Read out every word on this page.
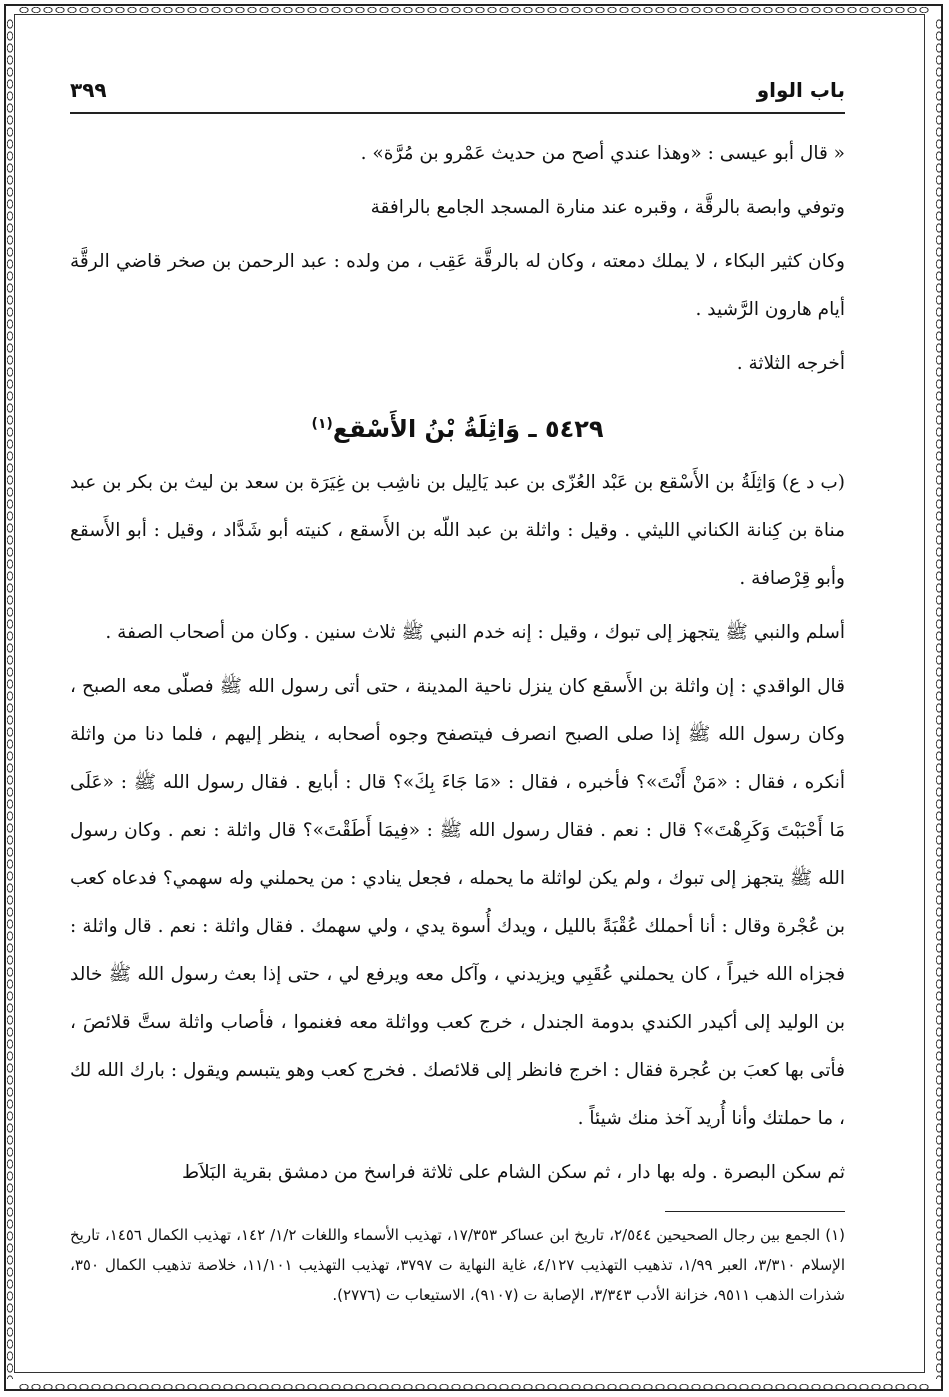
باب الواو
٣٩٩

« قال أبو عيسى : «وهذا عندي أصح من حديث عَمْرو بن مُرَّة» .

وتوفي وابصة بالرقَّة ، وقبره عند منارة المسجد الجامع بالرافقة

وكان كثير البكاء ، لا يملك دمعته ، وكان له بالرقَّة عَقِب ، من ولده : عبد الرحمن بن صخر قاضي الرقَّة أيام هارون الرَّشيد .

أخرجه الثلاثة .

٥٤٢٩ ـ وَاثِلَةُ بْنُ الأَسْقع$^{(١)}$

(ب د ع) وَاثِلَةُ بن الأَسْقع بن عَبْد العُزّى بن عبد يَالِيل بن ناشِب بن غِيَرَة بن سعد بن ليث بن بكر بن عبد مناة بن كِنانة الكناني الليثي . وقيل : واثلة بن عبد اللّه بن الأَسقع ، كنيته أبو شَدَّاد ، وقيل : أبو الأَسقع وأبو قِرْصافة .

أسلم والنبي ﷺ يتجهز إلى تبوك ، وقيل : إنه خدم النبي ﷺ ثلاث سنين . وكان من أصحاب الصفة .

قال الواقدي : إن واثلة بن الأَسقع كان ينزل ناحية المدينة ، حتى أتى رسول الله ﷺ فصلّى معه الصبح ، وكان رسول الله ﷺ إذا صلى الصبح انصرف فيتصفح وجوه أصحابه ، ينظر إليهم ، فلما دنا من واثلة أنكره ، فقال : «مَنْ أَنْتَ»؟ فأخبره ، فقال : «مَا جَاءَ بِكَ»؟ قال : أبايع . فقال رسول الله ﷺ : «عَلَى مَا أَحْبَبْتَ وَكَرِهْتَ»؟ قال : نعم . فقال رسول الله ﷺ : «فِيمَا أَطَقْتَ»؟ قال واثلة : نعم . وكان رسول الله ﷺ يتجهز إلى تبوك ، ولم يكن لواثلة ما يحمله ، فجعل ينادي : من يحملني وله سهمي؟ فدعاه كعب بن عُجْرة وقال : أنا أحملك عُقْبَةً بالليل ، ويدك أُسوة يدي ، ولي سهمك . فقال واثلة : نعم . قال واثلة : فجزاه الله خيراً ، كان يحملني عُقَبِي ويزيدني ، وآكل معه ويرفع لي ، حتى إذا بعث رسول الله ﷺ خالد بن الوليد إلى أكيدر الكندي بدومة الجندل ، خرج كعب وواثلة معه فغنموا ، فأصاب واثلة ستَّ قلائصَ ، فأتى بها كعبَ بن عُجرة فقال : اخرج فانظر إلى قلائصك . فخرج كعب وهو يتبسم ويقول : بارك الله لك ، ما حملتك وأنا أُريد آخذ منك شيئاً .

ثم سكن البصرة . وله بها دار ، ثم سكن الشام على ثلاثة فراسخ من دمشق بقرية البَلاَط

(١) الجمع بين رجال الصحيحين ٢/٥٤٤، تاريخ ابن عساكر ١٧/٣٥٣، تهذيب الأسماء واللغات ١/٢/ ١٤٢، تهذيب الكمال ١٤٥٦، تاريخ الإسلام ٣/٣١٠، العبر ١/٩٩، تذهيب التهذيب ٤/١٢٧، غاية النهاية ت ٣٧٩٧، تهذيب التهذيب ١١/١٠١، خلاصة تذهيب الكمال ٣٥٠، شذرات الذهب ٩٥١١، خزانة الأدب ٣/٣٤٣، الإصابة ت (٩١٠٧)، الاستيعاب ت (٢٧٧٦).
